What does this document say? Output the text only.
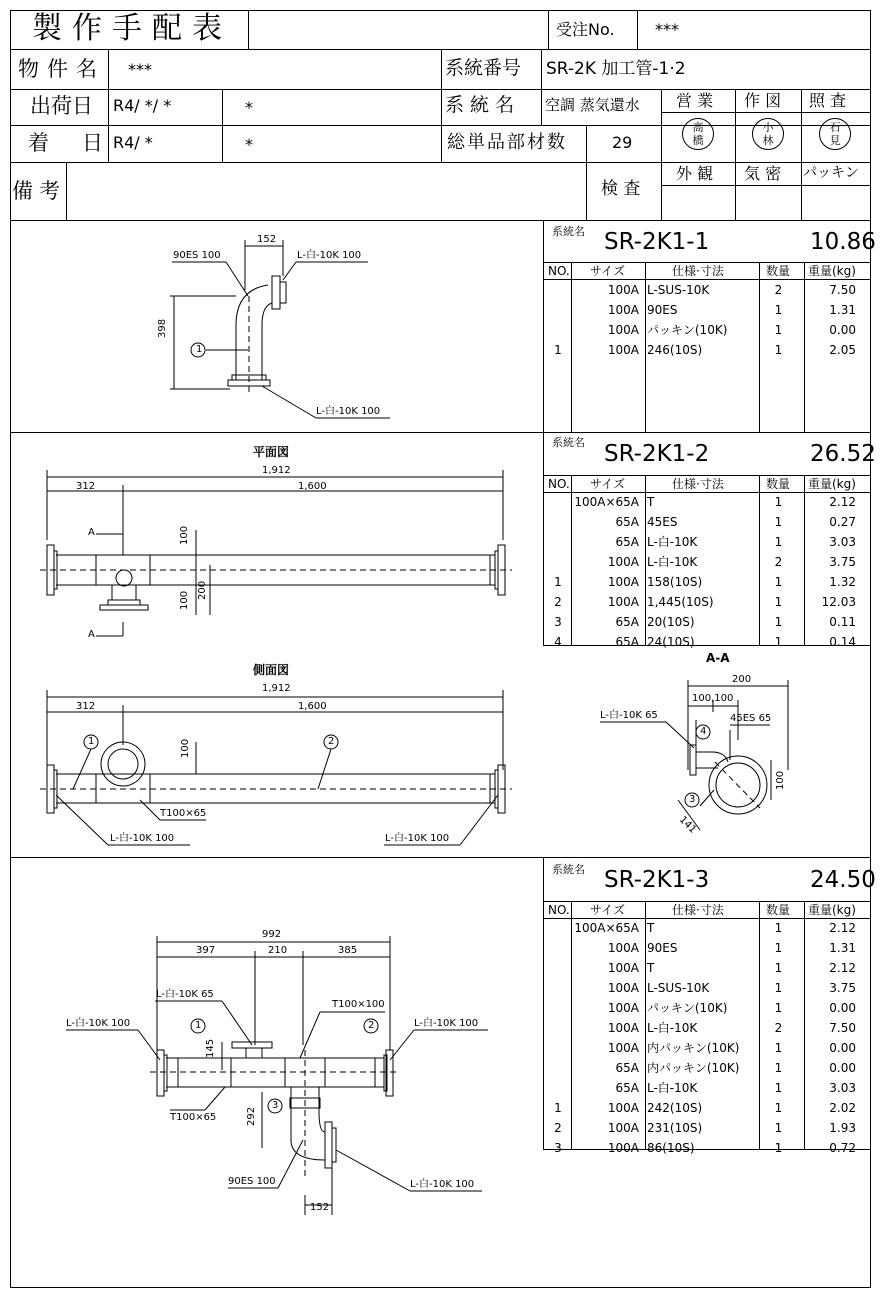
製作手配表	受注No.	***
物件名 ***	系統番号 SR-2K 加工管-1·2
出荷日 R4/ */ *	*	系 統 名 空調 蒸気還水
着　日 R4/ *	*	総単品部材数	29
備考	検 査
営 業 作 図 照 査
高
橋
小
林
石
見
外 観 気 密 パッキン
系統名 SR-2K1-1	10.86
NO. サイズ	仕様·寸法	数量 重量(kg)
100A L-SUS-10K	2	7.50
100A 90ES	1	1.31
100A パッキン(10K)	1	0.00
1	100A 246(10S)	1	2.05
系統名 SR-2K1-2	26.52
NO. サイズ	仕様·寸法	数量 重量(kg)
100A×65A T	1	2.12
65A 45ES	1	0.27
65A L-白-10K	1	3.03
100A L-白-10K	2	3.75
1	100A 158(10S)	1	1.32
2	100A 1,445(10S)	1	12.03
3	65A 20(10S)	1	0.11
4	65A 24(10S)	1	0.14
系統名 SR-2K1-3	24.50
NO. サイズ	仕様·寸法	数量 重量(kg)
100A×65A T	1	2.12
100A 90ES	1	1.31
100A T	1	2.12
100A L-SUS-10K	1	3.75
100A パッキン(10K)	1	0.00
100A L-白-10K	2	7.50
100A 内パッキン(10K)	1	0.00
65A 内パッキン(10K)	1	0.00
65A L-白-10K	1	3.03
1	100A 242(10S)	1	2.02
2	100A 231(10S)	1	1.93
3	100A 86(10S)	1	0.72
152
90ES 100	L-白-10K 100
398
1
L-白-10K 100
平面図
1,912
312	1,600
A
A
100
200
100
側面図
1,912
312	1,600
100
1	2
T100×65
L-白-10K 100	L-白-10K 100
A-A
200
100,100
L-白-10K 65	45ES 65
4
3
100
141
992
397	210	385
L-白-10K 65
T100×100
L-白-10K 100	L-白-10K 100
1	2
145
3
T100×65	292
90ES 100	L-白-10K 100
152
